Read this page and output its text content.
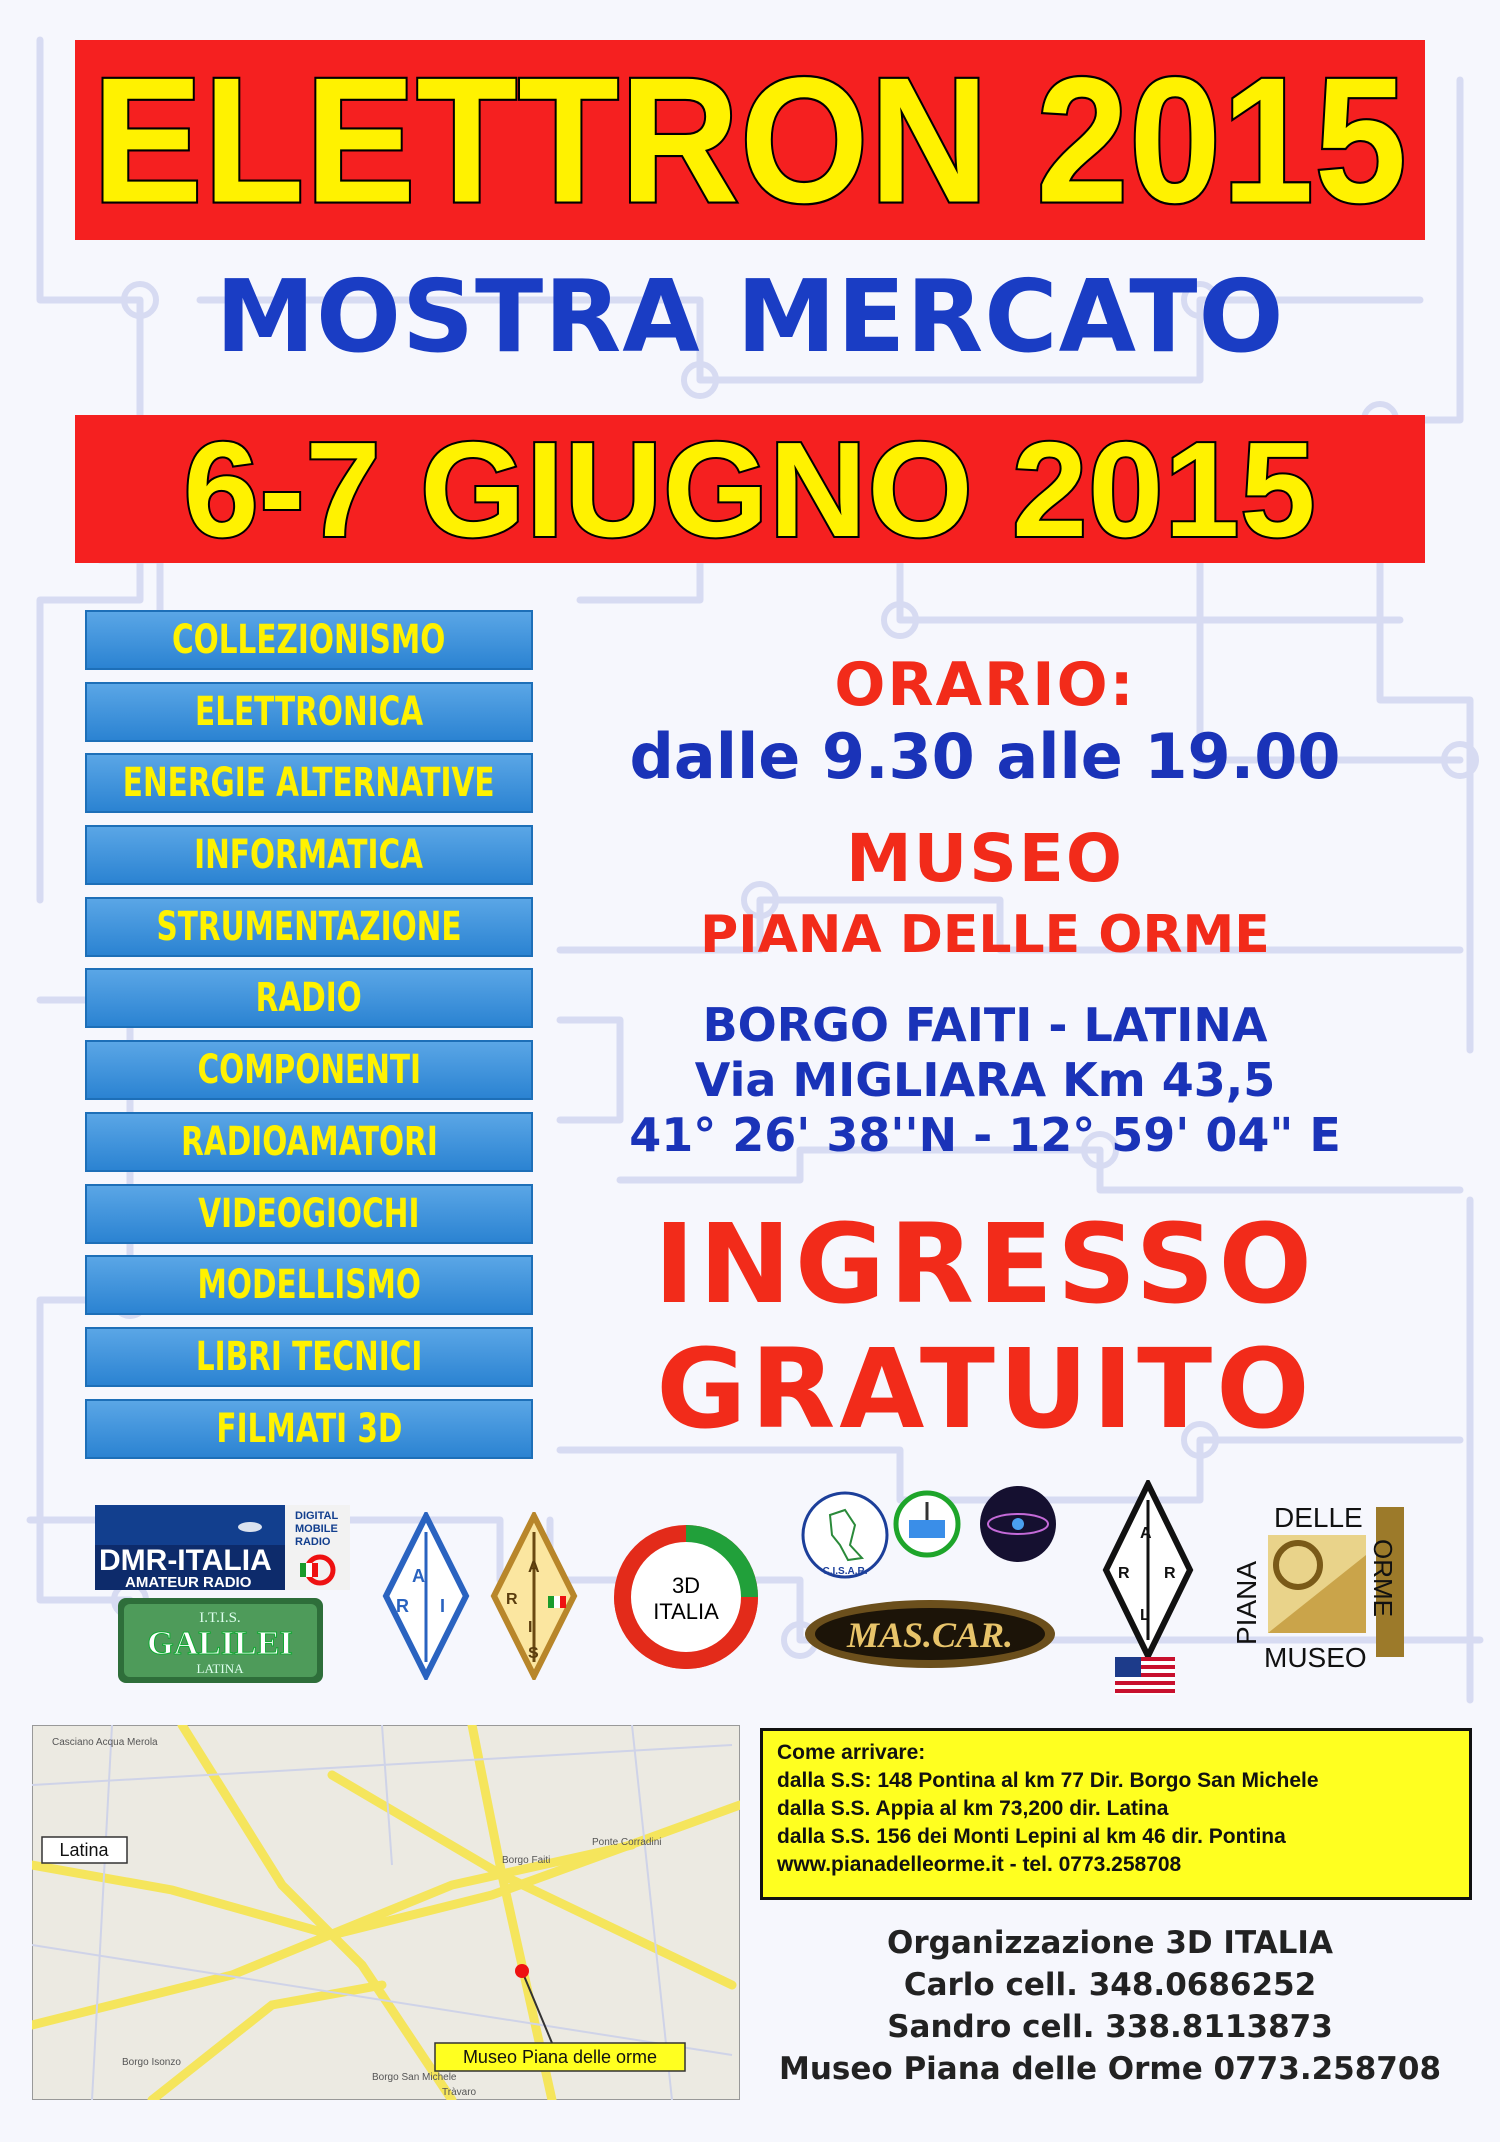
ELETTRON 2015
MOSTRA MERCATO
6-7 GIUGNO 2015
COLLEZIONISMO
ELETTRONICA
ENERGIE ALTERNATIVE
INFORMATICA
STRUMENTAZIONE
RADIO
COMPONENTI
RADIOAMATORI
VIDEOGIOCHI
MODELLISMO
LIBRI TECNICI
FILMATI 3D
ORARIO:
dalle 9.30 alle 19.00
MUSEO
PIANA DELLE ORME
BORGO FAITI - LATINA
Via MIGLIARA Km 43,5
41° 26' 38''N - 12° 59' 04" E
INGRESSO
GRATUITO
DMR-ITALIA
AMATEUR RADIO
DIGITAL
MOBILE
RADIO
I.T.I.S.
GALILEI
LATINA
A
R I
A
R
I
S
3D
ITALIA
C.I.S.A.R.
MAS.CAR.
A
R R
L
DELLE
PIANA	ORME
MUSEO
Latina
Museo Piana delle orme
Borgo Faiti
Borgo San Michele
Borgo Isonzo
Ponte Corradini
Casciano Acqua Merola
Tràvaro
Come arrivare:
dalla S.S: 148 Pontina al km 77 Dir. Borgo San Michele
dalla S.S. Appia al km 73,200 dir. Latina
dalla S.S. 156 dei Monti Lepini al km 46 dir. Pontina
www.pianadelleorme.it - tel. 0773.258708
Organizzazione 3D ITALIA
Carlo cell. 348.0686252
Sandro cell. 338.8113873
Museo Piana delle Orme 0773.258708
